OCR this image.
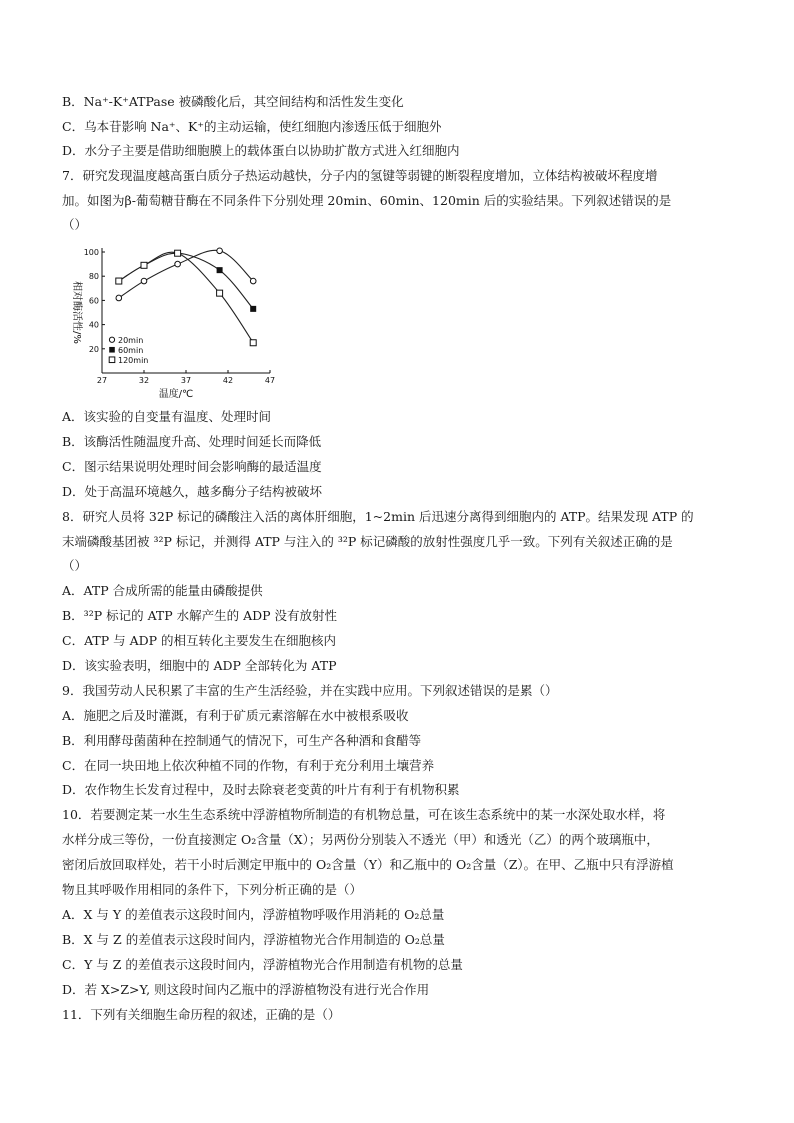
B．Na⁺-K⁺ATPase 被磷酸化后，其空间结构和活性发生变化
C．乌本苷影响 Na⁺、K⁺的主动运输，使红细胞内渗透压低于细胞外
D．水分子主要是借助细胞膜上的载体蛋白以协助扩散方式进入红细胞内
7．研究发现温度越高蛋白质分子热运动越快，分子内的氢键等弱键的断裂程度增加，立体结构被破坏程度增
加。如图为β-葡萄糖苷酶在不同条件下分别处理 20min、60min、120min 后的实验结果。下列叙述错误的是
（）
A．该实验的自变量有温度、处理时间
B．该酶活性随温度升高、处理时间延长而降低
C．图示结果说明处理时间会影响酶的最适温度
D．处于高温环境越久，越多酶分子结构被破坏
8．研究人员将 32P 标记的磷酸注入活的离体肝细胞，1~2min 后迅速分离得到细胞内的 ATP。结果发现 ATP 的
末端磷酸基团被 ³²P 标记，并测得 ATP 与注入的 ³²P 标记磷酸的放射性强度几乎一致。下列有关叙述正确的是
（）
A．ATP 合成所需的能量由磷酸提供
B．³²P 标记的 ATP 水解产生的 ADP 没有放射性
C．ATP 与 ADP 的相互转化主要发生在细胞核内
D．该实验表明，细胞中的 ADP 全部转化为 ATP
9．我国劳动人民积累了丰富的生产生活经验，并在实践中应用。下列叙述错误的是累（）
A．施肥之后及时灌溉，有利于矿质元素溶解在水中被根系吸收
B．利用酵母菌菌种在控制通气的情况下，可生产各种酒和食醋等
C．在同一块田地上依次种植不同的作物，有利于充分利用土壤营养
D．农作物生长发育过程中，及时去除衰老变黄的叶片有利于有机物积累
10．若要测定某一水生生态系统中浮游植物所制造的有机物总量，可在该生态系统中的某一水深处取水样，将
水样分成三等份，一份直接测定 O₂含量（X）；另两份分别装入不透光（甲）和透光（乙）的两个玻璃瓶中，
密闭后放回取样处，若干小时后测定甲瓶中的 O₂含量（Y）和乙瓶中的 O₂含量（Z）。在甲、乙瓶中只有浮游植
物且其呼吸作用相同的条件下，下列分析正确的是（）
A．X 与 Y 的差值表示这段时间内，浮游植物呼吸作用消耗的 O₂总量
B．X 与 Z 的差值表示这段时间内，浮游植物光合作用制造的 O₂总量
C．Y 与 Z 的差值表示这段时间内，浮游植物光合作用制造有机物的总量
D．若 X>Z>Y, 则这段时间内乙瓶中的浮游植物没有进行光合作用
11．下列有关细胞生命历程的叙述，正确的是（）
27	32	37	42	47
20
40
60
80
100
温度/℃
相对酶活性/%	20min
60min
120min
